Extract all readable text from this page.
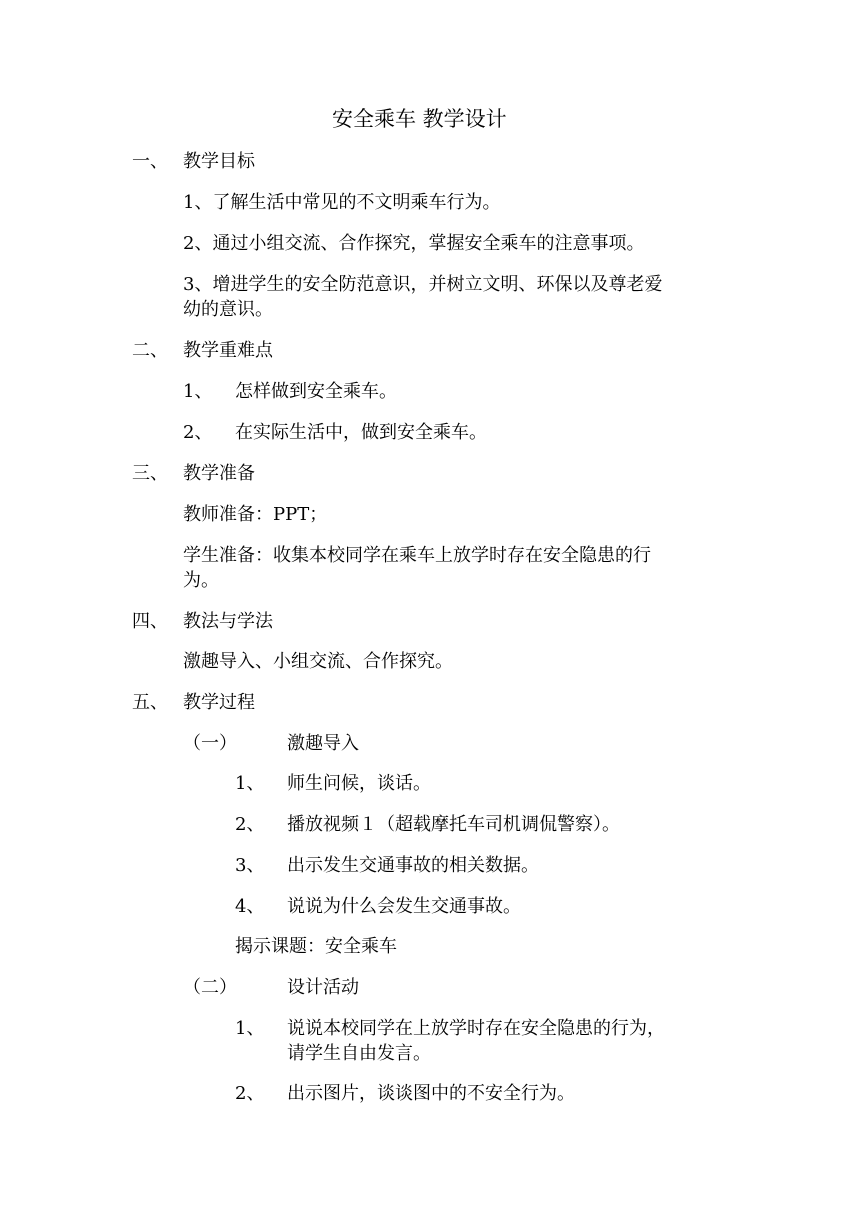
安全乘车 教学设计
一、 教学目标
1、了解生活中常见的不文明乘车行为。
2、通过小组交流、合作探究，掌握安全乘车的注意事项。
3、增进学生的安全防范意识，并树立文明、环保以及尊老爱
幼的意识。
二、 教学重难点
1、 怎样做到安全乘车。
2、 在实际生活中，做到安全乘车。
三、 教学准备
教师准备：PPT；
学生准备：收集本校同学在乘车上放学时存在安全隐患的行
为。
四、 教法与学法
激趣导入、小组交流、合作探究。
五、 教学过程
（一）	激趣导入
1、 师生问候，谈话。
2、 播放视频１（超载摩托车司机调侃警察）。
3、 出示发生交通事故的相关数据。
4、 说说为什么会发生交通事故。
揭示课题：安全乘车
（二）	设计活动
1、 说说本校同学在上放学时存在安全隐患的行为，
请学生自由发言。
2、 出示图片，谈谈图中的不安全行为。
